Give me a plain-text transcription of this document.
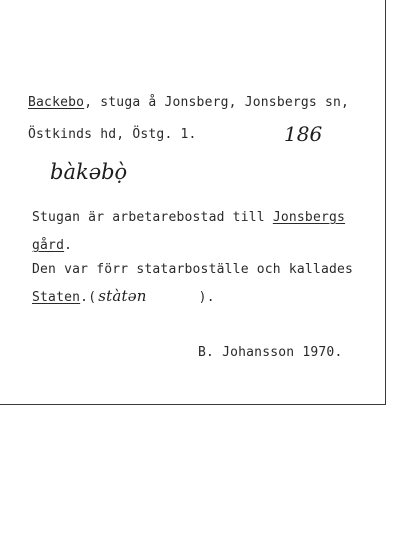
Backebo, stuga å Jonsberg, Jonsbergs sn,
Östkinds hd, Östg. 1.	186
bàkəbọ̀
Stugan är arbetarebostad till Jonsbergs
gård.
Den var förr statarboställe och kallades
Staten.( stàtən	).
B. Johansson 1970.
